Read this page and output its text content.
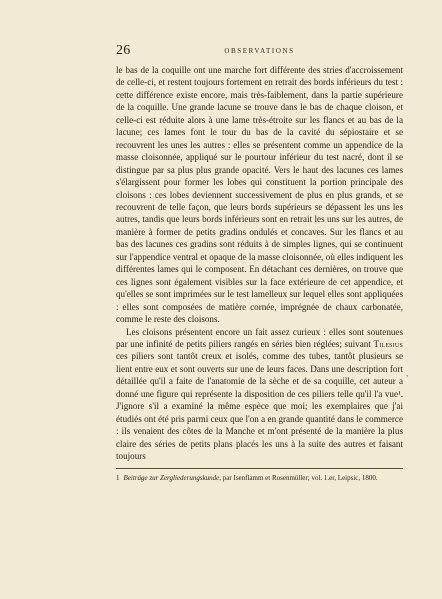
26	OBSERVATIONS

le bas de la coquille ont une marche fort différente des stries d'accroissement de celle-ci, et restent toujours fortement en retrait des bords inférieurs du test : cette différence existe encore, mais très-faiblement, dans la partie supérieure de la coquille. Une grande lacune se trouve dans le bas de chaque cloison, et celle-ci est réduite alors à une lame très-étroite sur les flancs et au bas de la lacune; ces lames font le tour du bas de la cavité du sépiostaire et se recouvrent les unes les autres : elles se présentent comme un appendice de la masse cloisonnée, appliqué sur le pourtour inférieur du test nacré, dont il se distingue par sa plus plus grande opacité. Vers le haut des lacunes ces lames s'élargissent pour former les lobes qui constituent la portion principale des cloisons : ces lobes deviennent successivement de plus en plus grands, et se recouvrent de telle façon, que leurs bords supérieurs se dépassent les uns les autres, tandis que leurs bords inférieurs sont en retrait les uns sur les autres, de manière à former de petits gradins ondulés et concaves. Sur les flancs et au bas des lacunes ces gradins sont réduits à de simples lignes, qui se continuent sur l'appendice ventral et opaque de la masse cloisonnée, où elles indiquent les différentes lames qui le composent. En détachant ces dernières, on trouve que ces lignes sont également visibles sur la face extérieure de cet appendice, et qu'elles se sont imprimées sur le test lamelleux sur lequel elles sont appliquées : elles sont composées de matière cornée, imprégnée de chaux carbonatée, comme le reste des cloisons.

Les cloisons présentent encore un fait assez curieux : elles sont soutenues par une infinité de petits piliers rangés en séries bien réglées; suivant Tilesius ces piliers sont tantôt creux et isolés, comme des tubes, tantôt plusieurs se lient entre eux et sont ouverts sur une de leurs faces. Dans une description fort détaillée qu'il a faite de l'anatomie de la sèche et de sa coquille, cet auteur a donné une figure qui représente la disposition de ces piliers telle qu'il l'a vue¹. J'ignore s'il a examiné la même espèce que moi; les exemplaires que j'ai étudiés ont été pris parmi ceux que l'on a en grande quantité dans le commerce : ils venaient des côtes de la Manche et m'ont présenté de la manière la plus claire des séries de petits plans placés les uns à la suite des autres et faisant toujours

1 Beiträge zur Zergliederungskunde, par Isenflamm et Rosenmüller; vol. 1.er, Leipsic, 1800.
,
